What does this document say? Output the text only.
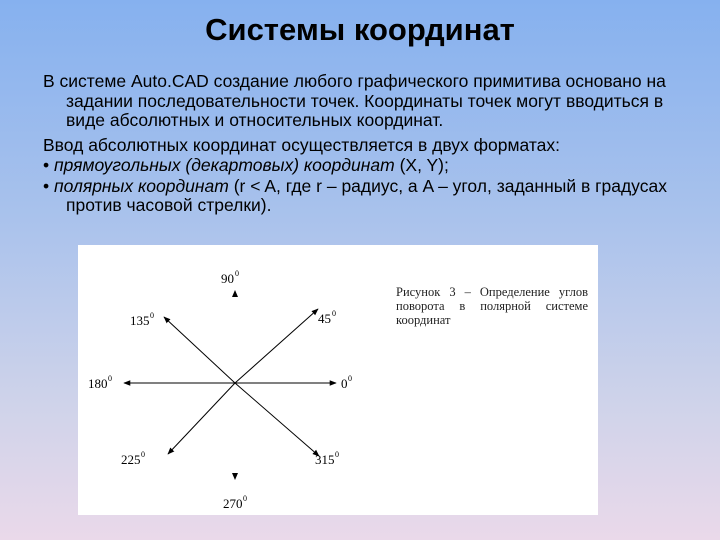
Системы координат

В системе Auto.CAD создание любого графического примитива основано на задании последовательности точек. Координаты точек могут вводиться в виде абсолютных и относительных координат.

Ввод абсолютных координат осуществляется в двух форматах:

• прямоугольных (декартовых) координат (X, Y);

• полярных координат (r < A, где r – радиус, а A – угол, заданный в градусах против часовой стрелки).

90 0
45 0
135 0
180 0	0 0
225 0	315 0
270 0
Рисунок 3 – Определение углов поворота в полярной системе координат
